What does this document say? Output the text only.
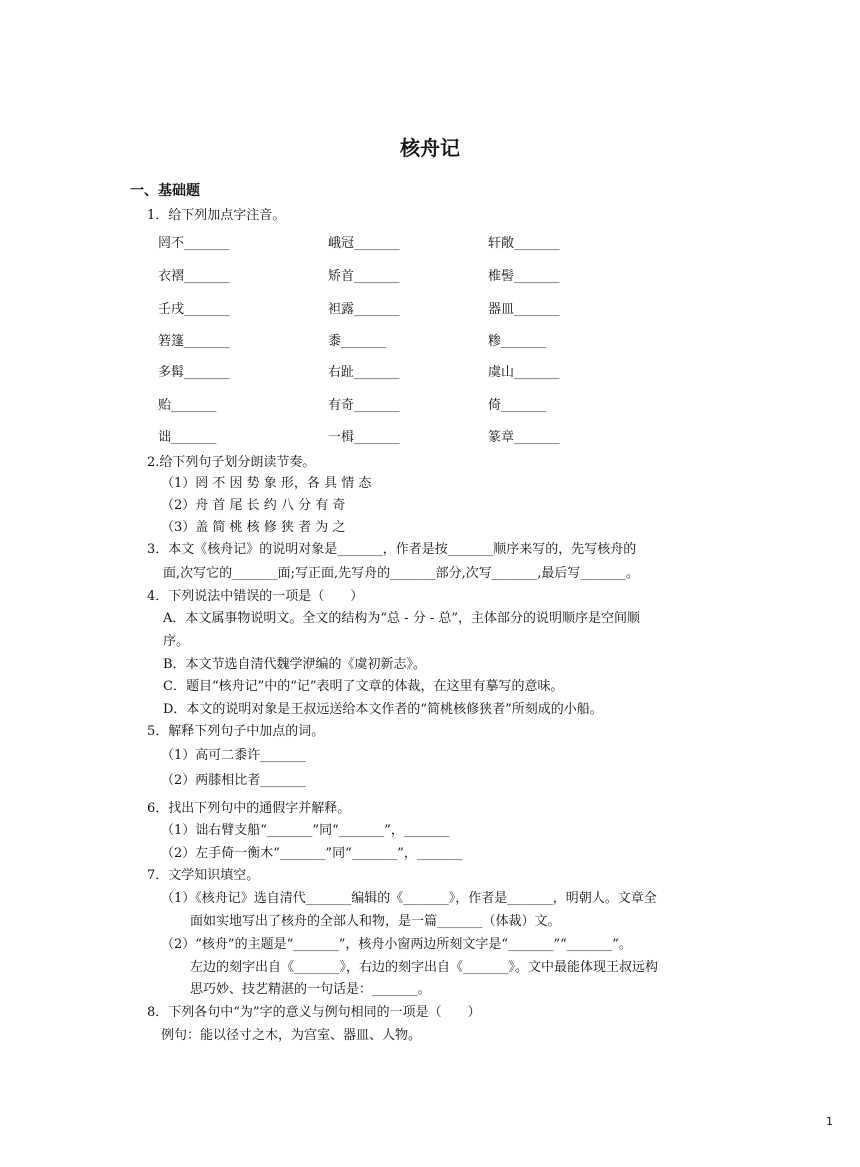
核舟记
一、基础题
1．给下列加点字注音。
罔不_______	峨冠_______	轩敞_______
衣褶_______	矫首_______	椎髻_______
壬戌_______	袒露_______	器皿_______
箬篷_______	黍_______	糁_______
多髯_______	右趾_______	虞山_______
贻_______	有奇_______	倚_______
诎_______	一楫_______	篆章_______
2.给下列句子划分朗读节奏。
（1）罔 不 因 势 象 形，各 具 情 态
（2）舟 首 尾 长 约 八 分 有 奇
（3）盖 简 桃 核 修 狭 者 为 之
3．本文《核舟记》的说明对象是_______，作者是按_______顺序来写的，先写核舟的
面,次写它的_______面;写正面,先写舟的_______部分,次写_______,最后写_______。
4．下列说法中错误的一项是（　　）
A．本文属事物说明文。全文的结构为“总 - 分 - 总”，主体部分的说明顺序是空间顺
序。
B．本文节选自清代魏学洢编的《虞初新志》。
C．题目“核舟记”中的“记”表明了文章的体裁，在这里有摹写的意味。
D．本文的说明对象是王叔远送给本文作者的“简桃核修狭者”所刻成的小船。
5．解释下列句子中加点的词。
（1）高可二黍许_______
（2）两膝相比者_______
6．找出下列句中的通假字并解释。
（1）诎右臂支船“_______”同“_______”，_______
（2）左手倚一衡木“_______”同“_______”，_______
7．文学知识填空。
（1）《核舟记》选自清代_______编辑的《_______》，作者是_______，明朝人。文章全
面如实地写出了核舟的全部人和物，是一篇_______（体裁）文。
（2）“核舟”的主题是“_______”，核舟小窗两边所刻文字是“_______”“_______”。
左边的刻字出自《_______》，右边的刻字出自《_______》。文中最能体现王叔远构
思巧妙、技艺精湛的一句话是：_______。
8．下列各句中“为”字的意义与例句相同的一项是（　　）
例句：能以径寸之木，为宫室、器皿、人物。
1
